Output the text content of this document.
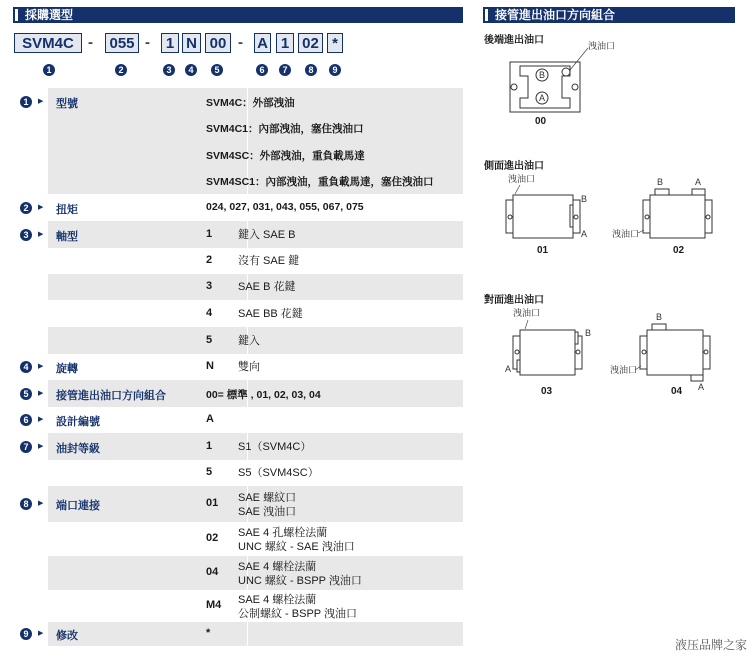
採購選型	接管進出油口方向組合
SVM4C - 055 -	1 N 00 - A 1 02 *
1	2	3	4	5	6	7	8	9
型號	SVM4C：外部洩油
1	▶
SVM4C1：內部洩油，塞住洩油口
SVM4SC：外部洩油，重負載馬達
SVM4SC1：內部洩油，重負載馬達，塞住洩油口
扭矩	024, 027, 031, 043, 055, 067, 075
2	▶
軸型	1 鍵入 SAE B
3	▶
2 沒有 SAE 鍵
3 SAE B 花鍵
4 SAE BB 花鍵
5 鍵入
旋轉	N 雙向
4	▶
接管進出油口方向組合	00= 標準 , 01, 02, 03, 04
5	▶
設計編號	A
6	▶
油封等級	1 S1（SVM4C）
7	▶
5 S5（SVM4SC）
端口連接	01 SAE 螺紋口
SAE 洩油口
8	▶
02 SAE 4 孔螺栓法蘭
UNC 螺紋 - SAE 洩油口
04 SAE 4 螺栓法蘭
UNC 螺紋 - BSPP 洩油口
M4 SAE 4 螺栓法蘭
公制螺紋 - BSPP 洩油口
修改	*
9	▶
後端進出油口
側面進出油口
對面進出油口
B
A
洩油口
洩油口
B
A
B	A
洩油口
洩油口
B
A
B
A
洩油口
00
01	02
03	04
液压品牌之家
